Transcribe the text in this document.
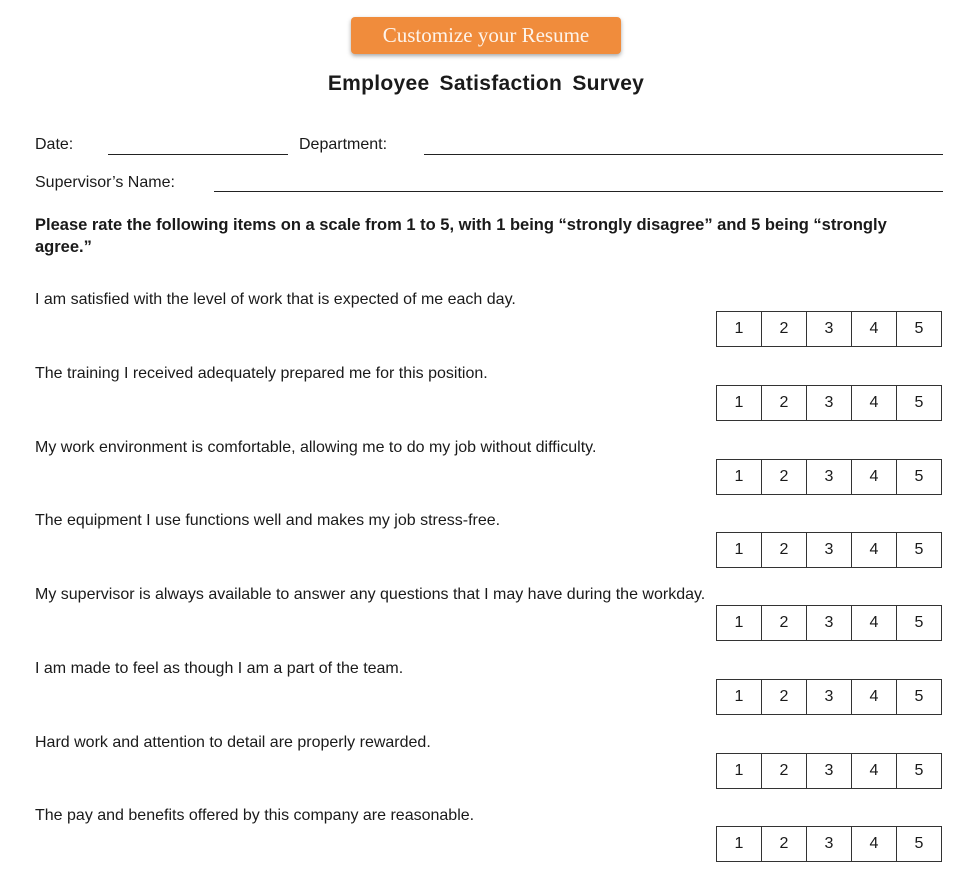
Customize your Resume
Employee Satisfaction Survey
Date:	Department:
Supervisor’s Name:
Please rate the following items on a scale from 1 to 5, with 1 being “strongly disagree” and 5 being “strongly agree.”
I am satisfied with the level of work that is expected of me each day.
1	2	3	4	5
The training I received adequately prepared me for this position.
1	2	3	4	5
My work environment is comfortable, allowing me to do my job without difficulty.
1	2	3	4	5
The equipment I use functions well and makes my job stress-free.
1	2	3	4	5
My supervisor is always available to answer any questions that I may have during the workday.
1	2	3	4	5
I am made to feel as though I am a part of the team.
1	2	3	4	5
Hard work and attention to detail are properly rewarded.
1	2	3	4	5
The pay and benefits offered by this company are reasonable.
1	2	3	4	5
